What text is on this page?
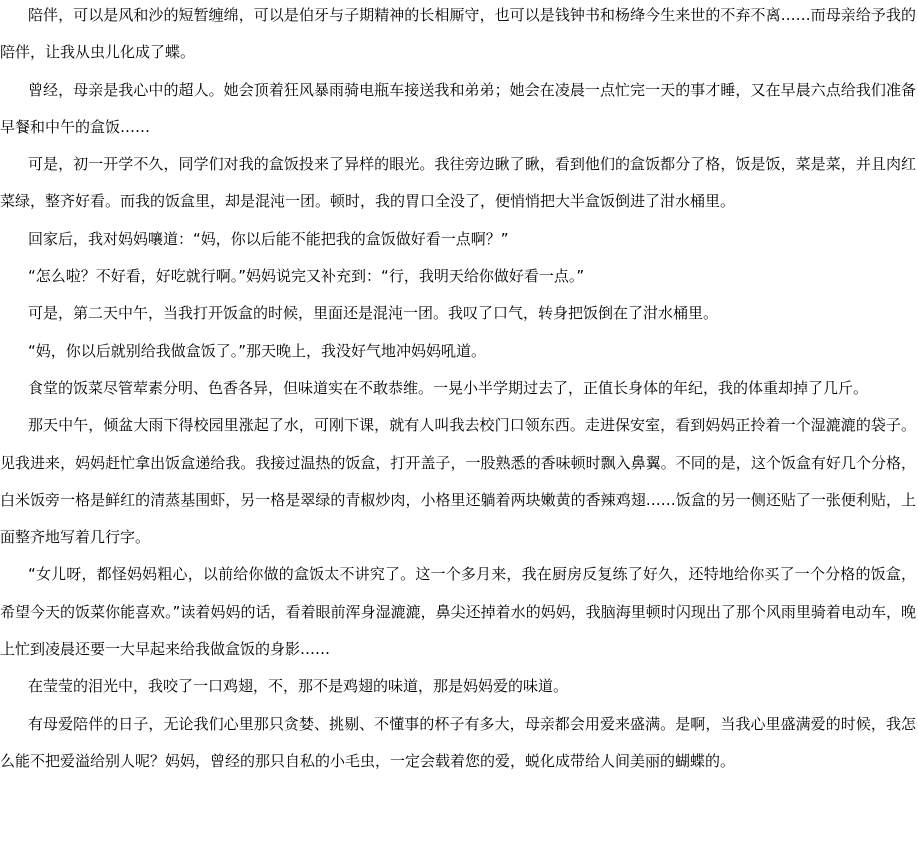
陪伴，可以是风和沙的短暂缠绵，可以是伯牙与子期精神的长相厮守，也可以是钱钟书和杨绛今生来世的不弃不离……而母亲给予我的陪伴，让我从虫儿化成了蝶。

曾经，母亲是我心中的超人。她会顶着狂风暴雨骑电瓶车接送我和弟弟；她会在凌晨一点忙完一天的事才睡，又在早晨六点给我们准备早餐和中午的盒饭……

可是，初一开学不久，同学们对我的盒饭投来了异样的眼光。我往旁边瞅了瞅，看到他们的盒饭都分了格，饭是饭，菜是菜，并且肉红菜绿，整齐好看。而我的饭盒里，却是混沌一团。顿时，我的胃口全没了，便悄悄把大半盒饭倒进了泔水桶里。

回家后，我对妈妈嚷道：“妈，你以后能不能把我的盒饭做好看一点啊？”

“怎么啦？不好看，好吃就行啊。”妈妈说完又补充到：“行，我明天给你做好看一点。”

可是，第二天中午，当我打开饭盒的时候，里面还是混沌一团。我叹了口气，转身把饭倒在了泔水桶里。

“妈，你以后就别给我做盒饭了。”那天晚上，我没好气地冲妈妈吼道。

食堂的饭菜尽管荤素分明、色香各异，但味道实在不敢恭维。一晃小半学期过去了，正值长身体的年纪，我的体重却掉了几斤。

那天中午，倾盆大雨下得校园里涨起了水，可刚下课，就有人叫我去校门口领东西。走进保安室，看到妈妈正拎着一个湿漉漉的袋子。见我进来，妈妈赶忙拿出饭盒递给我。我接过温热的饭盒，打开盖子，一股熟悉的香味顿时飘入鼻翼。不同的是，这个饭盒有好几个分格，白米饭旁一格是鲜红的清蒸基围虾，另一格是翠绿的青椒炒肉，小格里还躺着两块嫩黄的香辣鸡翅……饭盒的另一侧还贴了一张便利贴，上面整齐地写着几行字。

“女儿呀，都怪妈妈粗心，以前给你做的盒饭太不讲究了。这一个多月来，我在厨房反复练了好久，还特地给你买了一个分格的饭盒，希望今天的饭菜你能喜欢。”读着妈妈的话，看着眼前浑身湿漉漉，鼻尖还掉着水的妈妈，我脑海里顿时闪现出了那个风雨里骑着电动车，晚上忙到凌晨还要一大早起来给我做盒饭的身影……

在莹莹的泪光中，我咬了一口鸡翅，不，那不是鸡翅的味道，那是妈妈爱的味道。

有母爱陪伴的日子，无论我们心里那只贪婪、挑剔、不懂事的杯子有多大，母亲都会用爱来盛满。是啊，当我心里盛满爱的时候，我怎么能不把爱溢给别人呢？妈妈，曾经的那只自私的小毛虫，一定会载着您的爱，蜕化成带给人间美丽的蝴蝶的。
